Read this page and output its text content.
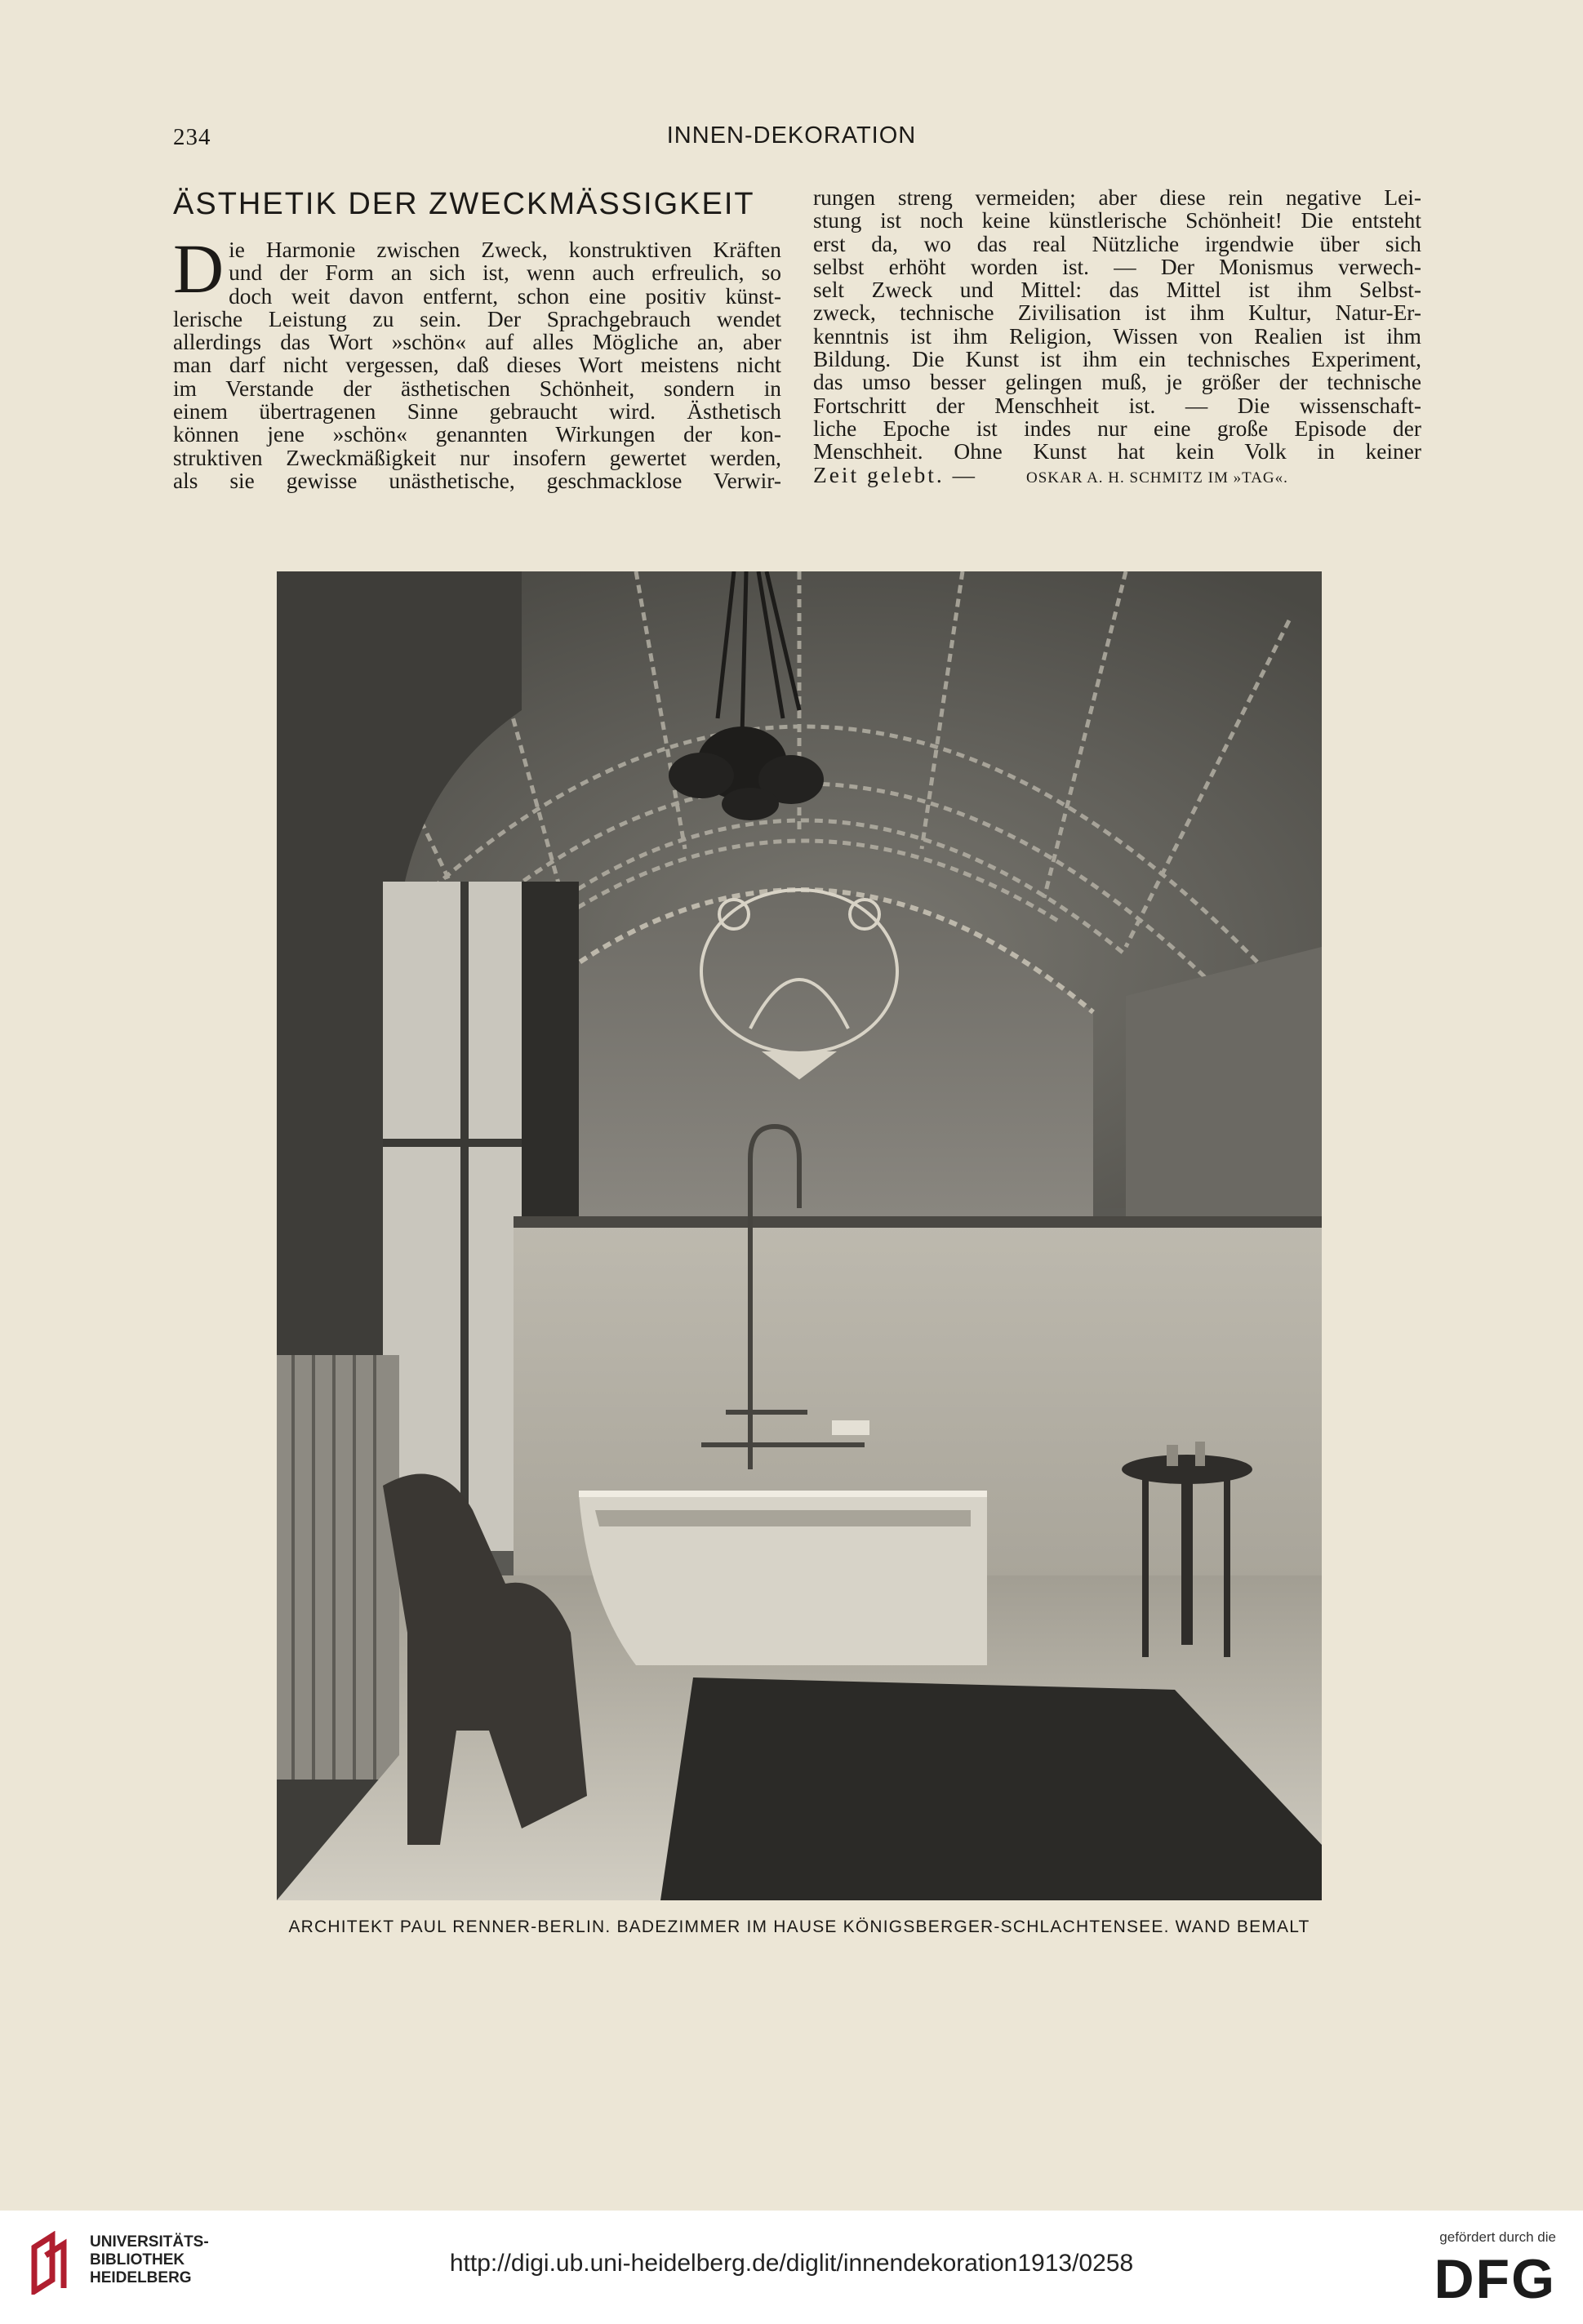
234	INNEN-DEKORATION
ÄSTHETIK DER ZWECKMÄSSIGKEIT
D ie Harmonie zwischen Zweck, konstruktiven Kräften
und der Form an sich ist, wenn auch erfreulich, so
doch weit davon entfernt, schon eine positiv künst-
lerische Leistung zu sein. Der Sprachgebrauch wendet
allerdings das Wort »schön« auf alles Mögliche an, aber
man darf nicht vergessen, daß dieses Wort meistens nicht
im Verstande der ästhetischen Schönheit, sondern in
einem übertragenen Sinne gebraucht wird. Ästhetisch
können jene »schön« genannten Wirkungen der kon-
struktiven Zweckmäßigkeit nur insofern gewertet werden,
als sie gewisse unästhetische, geschmacklose Verwir-
rungen streng vermeiden; aber diese rein negative Lei-
stung ist noch keine künstlerische Schönheit! Die entsteht
erst da, wo das real Nützliche irgendwie über sich
selbst erhöht worden ist. — Der Monismus verwech-
selt Zweck und Mittel: das Mittel ist ihm Selbst-
zweck, technische Zivilisation ist ihm Kultur, Natur-Er-
kenntnis ist ihm Religion, Wissen von Realien ist ihm
Bildung. Die Kunst ist ihm ein technisches Experiment,
das umso besser gelingen muß, je größer der technische
Fortschritt der Menschheit ist. — Die wissenschaft-
liche Epoche ist indes nur eine große Episode der
Menschheit. Ohne Kunst hat kein Volk in keiner
Zeit gelebt. —	OSKAR A. H. SCHMITZ IM »TAG«.
ARCHITEKT PAUL RENNER-BERLIN. BADEZIMMER IM HAUSE KÖNIGSBERGER-SCHLACHTENSEE. WAND BEMALT
UNIVERSITÄTS-
BIBLIOTHEK
HEIDELBERG
http://digi.ub.uni-heidelberg.de/diglit/innendekoration1913/0258
gefördert durch die
DFG
